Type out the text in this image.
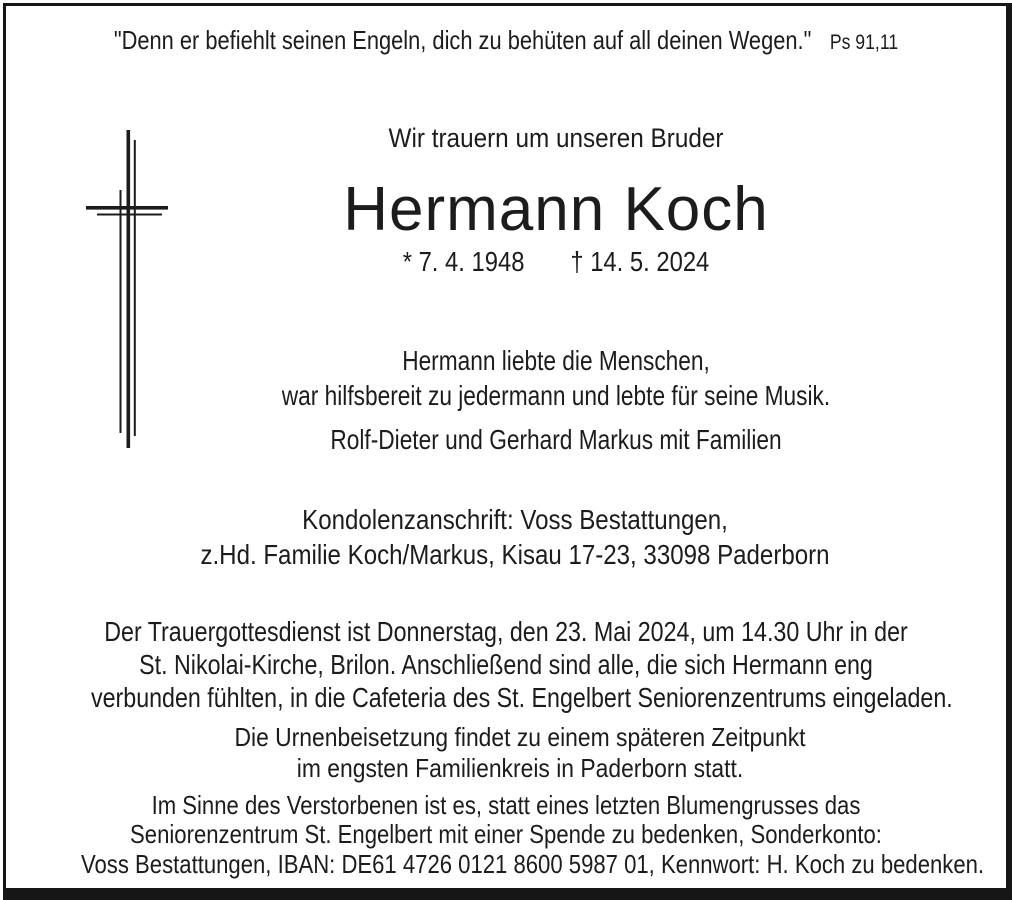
"Denn er befiehlt seinen Engeln, dich zu behüten auf all deinen Wegen." Ps 91,11
Wir trauern um unseren Bruder
Hermann Koch
* 7. 4. 1948 † 14. 5. 2024
Hermann liebte die Menschen,
war hilfsbereit zu jedermann und lebte für seine Musik.
Rolf-Dieter und Gerhard Markus mit Familien
Kondolenzanschrift: Voss Bestattungen,
z.Hd. Familie Koch/Markus, Kisau 17-23, 33098 Paderborn
Der Trauergottesdienst ist Donnerstag, den 23. Mai 2024, um 14.30 Uhr in der
St. Nikolai-Kirche, Brilon. Anschließend sind alle, die sich Hermann eng
verbunden fühlten, in die Cafeteria des St. Engelbert Seniorenzentrums eingeladen.
Die Urnenbeisetzung findet zu einem späteren Zeitpunkt
im engsten Familienkreis in Paderborn statt.
Im Sinne des Verstorbenen ist es, statt eines letzten Blumengrusses das
Seniorenzentrum St. Engelbert mit einer Spende zu bedenken, Sonderkonto:
Voss Bestattungen, IBAN: DE61 4726 0121 8600 5987 01, Kennwort: H. Koch zu bedenken.
